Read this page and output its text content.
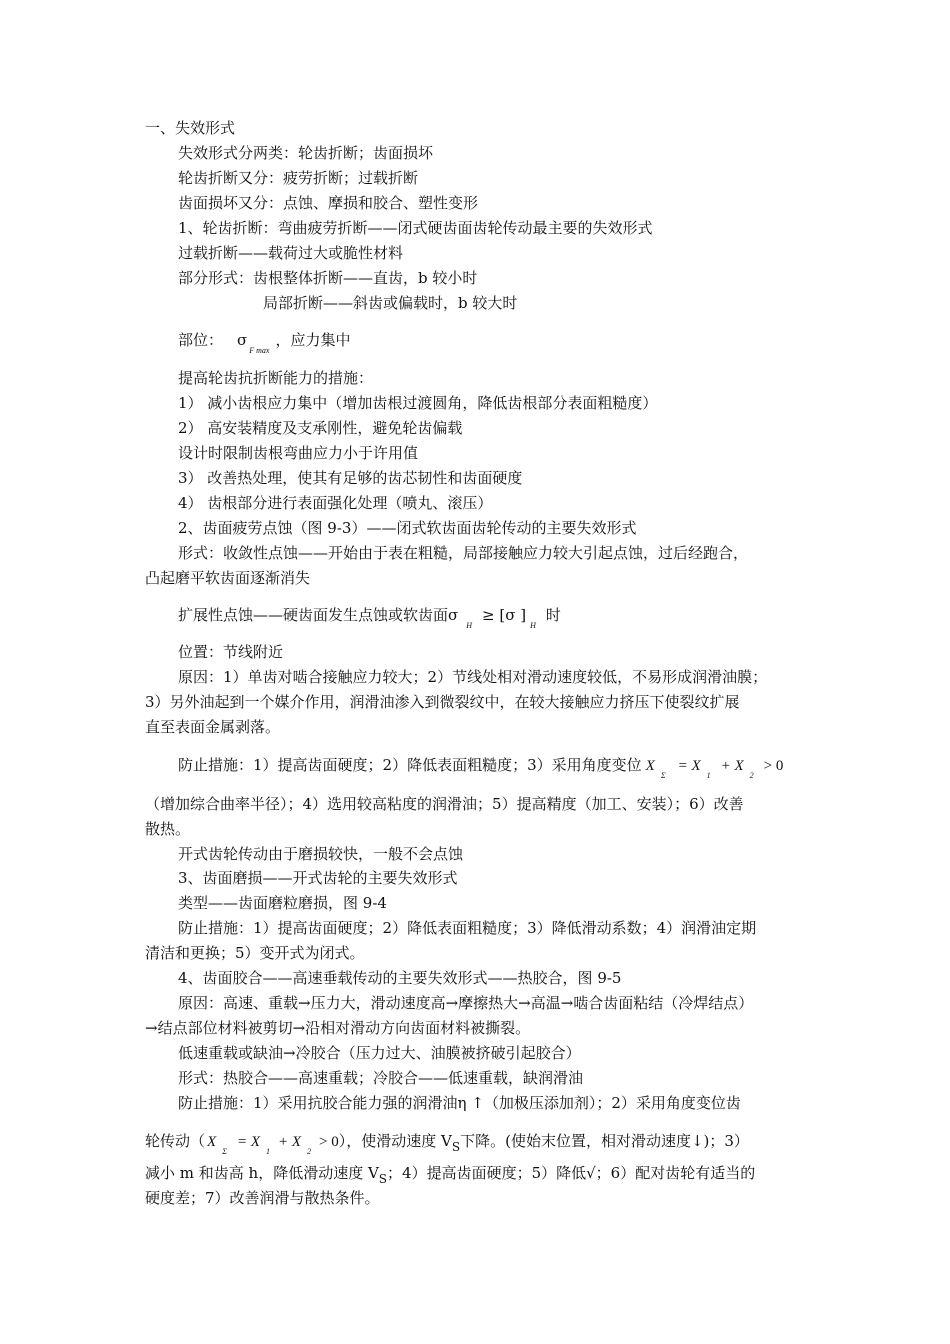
一、失效形式
失效形式分两类：轮齿折断；齿面损坏
轮齿折断又分：疲劳折断；过载折断
齿面损坏又分：点蚀、摩损和胶合、塑性变形
1、轮齿折断：弯曲疲劳折断——闭式硬齿面齿轮传动最主要的失效形式
过载折断——载荷过大或脆性材料
部分形式：齿根整体折断——直齿，b 较小时
局部折断——斜齿或偏载时，b 较大时
部位： $\sigma_{F max}$，应力集中
提高轮齿抗折断能力的措施：
1） 减小齿根应力集中（增加齿根过渡圆角，降低齿根部分表面粗糙度）
2） 高安装精度及支承刚性，避免轮齿偏载
设计时限制齿根弯曲应力小于许用值
3） 改善热处理，使其有足够的齿芯韧性和齿面硬度
4） 齿根部分进行表面强化处理（喷丸、滚压）
2、齿面疲劳点蚀（图 9-3）——闭式软齿面齿轮传动的主要失效形式
形式：收敛性点蚀——开始由于表在粗糙，局部接触应力较大引起点蚀，过后经跑合，
凸起磨平软齿面逐渐消失
扩展性点蚀——硬齿面发生点蚀或软齿面$\sigma_H\ge [\sigma$ ]$_H$时
位置：节线附近
原因：1）单齿对啮合接触应力较大；2）节线处相对滑动速度较低，不易形成润滑油膜；
3）另外油起到一个媒介作用，润滑油渗入到微裂纹中，在较大接触应力挤压下使裂纹扩展
直至表面金属剥落。
防止措施：1）提高齿面硬度；2）降低表面粗糙度；3）采用角度变位 $X_\Sigma= X_1+ X_2> 0$
（增加综合曲率半径）；4）选用较高粘度的润滑油；5）提高精度（加工、安装）；6）改善
散热。
开式齿轮传动由于磨损较快，一般不会点蚀
3、齿面磨损——开式齿轮的主要失效形式
类型——齿面磨粒磨损，图 9-4
防止措施：1）提高齿面硬度；2）降低表面粗糙度；3）降低滑动系数；4）润滑油定期
清洁和更换；5）变开式为闭式。
4、齿面胶合——高速垂载传动的主要失效形式——热胶合，图 9-5
原因：高速、重载→压力大，滑动速度高→摩擦热大→高温→啮合齿面粘结（冷焊结点）
→结点部位材料被剪切→沿相对滑动方向齿面材料被撕裂。
低速重载或缺油→冷胶合（压力过大、油膜被挤破引起胶合）
形式：热胶合——高速重载；冷胶合——低速重载，缺润滑油
防止措施：1）采用抗胶合能力强的润滑油η ↑（加极压添加剂）；2）采用角度变位齿
轮传动（ $X_\Sigma= X_1+ X_2> 0$），使滑动速度 $V_S$下降。(使始末位置，相对滑动速度↓)；3）
减小 m 和齿高 h，降低滑动速度 $V_S$；4）提高齿面硬度；5）降低√；6）配对齿轮有适当的
硬度差；7）改善润滑与散热条件。
